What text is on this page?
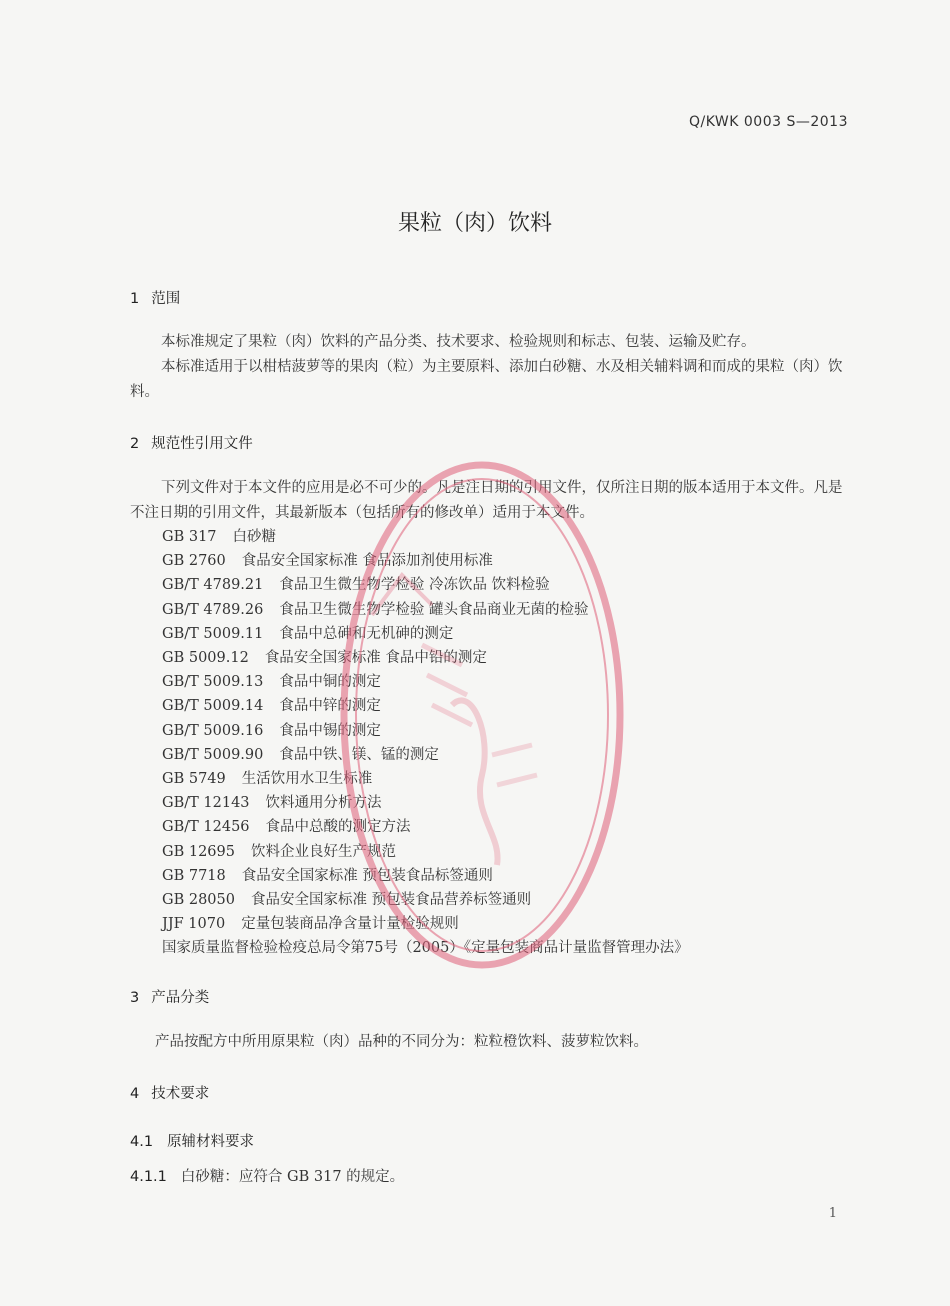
Q/KWK 0003 S—2013
果粒（肉）饮料
1 范围
本标准规定了果粒（肉）饮料的产品分类、技术要求、检验规则和标志、包装、运输及贮存。
本标准适用于以柑桔菠萝等的果肉（粒）为主要原料、添加白砂糖、水及相关辅料调和而成的果粒（肉）饮料。
2 规范性引用文件
下列文件对于本文件的应用是必不可少的。凡是注日期的引用文件，仅所注日期的版本适用于本文件。凡是不注日期的引用文件，其最新版本（包括所有的修改单）适用于本文件。
GB 317 白砂糖
GB 2760 食品安全国家标准 食品添加剂使用标准
GB/T 4789.21 食品卫生微生物学检验 冷冻饮品 饮料检验
GB/T 4789.26 食品卫生微生物学检验 罐头食品商业无菌的检验
GB/T 5009.11 食品中总砷和无机砷的测定
GB 5009.12 食品安全国家标准 食品中铅的测定
GB/T 5009.13 食品中铜的测定
GB/T 5009.14 食品中锌的测定
GB/T 5009.16 食品中锡的测定
GB/T 5009.90 食品中铁、镁、锰的测定
GB 5749 生活饮用水卫生标准
GB/T 12143 饮料通用分析方法
GB/T 12456 食品中总酸的测定方法
GB 12695 饮料企业良好生产规范
GB 7718 食品安全国家标准 预包装食品标签通则
GB 28050 食品安全国家标准 预包装食品营养标签通则
JJF 1070 定量包装商品净含量计量检验规则
国家质量监督检验检疫总局令第75号（2005）《定量包装商品计量监督管理办法》
3 产品分类
产品按配方中所用原果粒（肉）品种的不同分为：粒粒橙饮料、菠萝粒饮料。
4 技术要求
4.1 原辅材料要求
4.1.1 白砂糖：应符合 GB 317 的规定。
1
